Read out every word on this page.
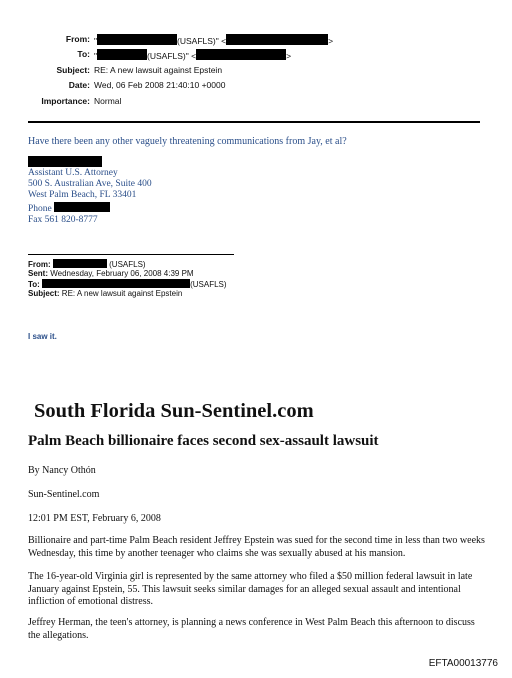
From: "	(USAFLS)" <	>
To: "	(USAFLS)" <	>
Subject: RE: A new lawsuit against Epstein
Date: Wed, 06 Feb 2008 21:40:10 +0000
Importance: Normal
Have there been any other vaguely threatening communications from Jay, et al?
Assistant U.S. Attorney
500 S. Australian Ave, Suite 400
West Palm Beach, FL 33401
Phone
Fax 561 820-8777
From:	(USAFLS)
Sent: Wednesday, February 06, 2008 4:39 PM
To:	(USAFLS)
Subject: RE: A new lawsuit against Epstein
I saw it.
South Florida Sun-Sentinel.com
Palm Beach billionaire faces second sex-assault lawsuit
By Nancy Othón
Sun-Sentinel.com
12:01 PM EST, February 6, 2008
Billionaire and part-time Palm Beach resident Jeffrey Epstein was sued for the second time in less than two weeks Wednesday, this time by another teenager who claims she was sexually abused at his mansion.
The 16-year-old Virginia girl is represented by the same attorney who filed a $50 million federal lawsuit in late January against Epstein, 55. This lawsuit seeks similar damages for an alleged sexual assault and intentional infliction of emotional distress.
Jeffrey Herman, the teen's attorney, is planning a news conference in West Palm Beach this afternoon to discuss the allegations.
EFTA00013776
